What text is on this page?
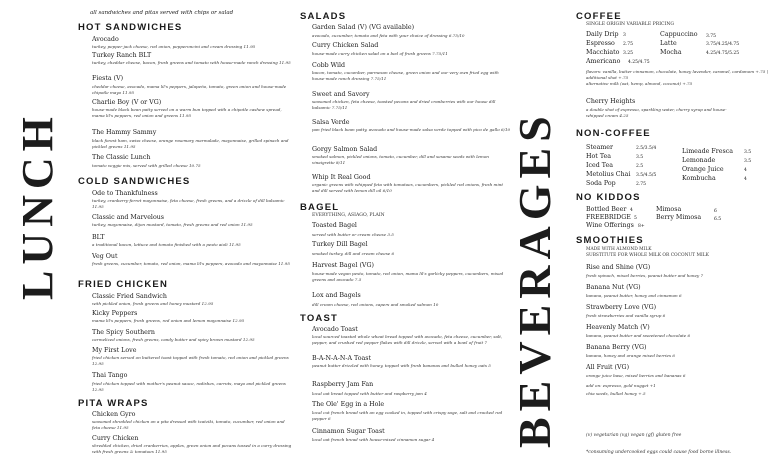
LUNCH	BEVERAGES
all sandwiches and pitas served with chips or salad
HOT SANDWICHES
Avocado
turkey, pepper jack cheese, red onion, pepperoncini and cream dressing 11.95
Turkey Ranch BLT
turkey, cheddar cheese, bacon, fresh greens and tomato with house-made ranch dressing 11.95
Fiesta (V)
cheddar cheese, avocado, mama lil's peppers, jalapeño, tomato, green onion and house-made chipotle mayo 11.95
Charlie Boy (V or VG)
house-made black bean patty served on a warm bun topped with a chipotle cashew spread, mama lil's peppers, red onion and greens 11.95
The Hammy Sammy
black forest ham, swiss cheese, orange rosemary marmalade, mayonnaise, grilled spinach and pickled greens 11.95
The Classic Lunch
tomato veggie mix, served with grilled cheese 10.75
COLD SANDWICHES
Ode to Thankfulness
turkey, cranberry-ferret mayonnaise, feta cheese, fresh greens, and a drizzle of dill balsamic 11.95
Classic and Marvelous
turkey, mayonnaise, dijon mustard, tomato, fresh greens and red onion 11.95
BLT
a traditional bacon, lettuce and tomato finished with a pesto aioli 11.95
Veg Out
fresh greens, cucumber, tomato, red onion, mama lil's peppers, avocado and mayonnaise 11.95
FRIED CHICKEN
Classic Fried Sandwich
with pickled onion, fresh greens and honey mustard 12.95
Kicky Peppers
mama lil's peppers, fresh greens, red onion and lemon mayonnaise 12.95
The Spicy Southern
carmelized onions, fresh greens, candy butter and spicy brown mustard 12.95
My First Love
fried chicken served on buttered toast topped with fresh tomato, red onion and pickled greens 12.95
Thai Tango
fried chicken topped with mother's peanut sauce, radishes, carrots, mayo and pickled greens 12.95
PITA WRAPS
Chicken Gyro
seasoned shredded chicken on a pita dressed with tzatziki, tomato, cucumber, red onion and feta cheese 11.95
Curry Chicken
shredded chicken, dried cranberries, apples, green onion and pecans tossed in a curry dressing with fresh greens & tomatoes 11.95
SALADS
Garden Salad (V) (VG available)
avocado, cucumber, tomato and feta with your choice of dressing 6.75/10
Curry Chicken Salad
house-made curry chicken salad on a bed of fresh greens 7.75/11
Cobb Wild
bacon, tomato, cucumber, parmesan cheese, green onion and our very own fried egg with house-made ranch dressing 7.75/11
Sweet and Savory
seasoned chicken, feta cheese, toasted pecans and dried cranberries with our house dill balsamic 7.75/11
Salsa Verde
pan fried black bean patty, avocado and house-made salsa verde topped with pico de gallo 6/10
Gorgy Salmon Salad
smoked salmon, pickled onions, tomato, cucumber, dill and sesame seeds with lemon vinaigrette 8/11
Whip It Real Good
organic greens with whipped feta with tomatoes, cucumbers, pickled red onions, fresh mint and dill served with lemon dill oil 6/10
BAGEL
EVERYTHING, ASIAGO, PLAIN
Toasted Bagel
served with butter or cream cheese 3.5
Turkey Dill Bagel
smoked turkey, dill and cream cheese 6
Harvest Bagel (VG)
house-made vegan pesto, tomato, red onion, mama lil's garlicky peppers, cucumbers, mixed greens and avocado 7.5
Lox and Bagels
dill cream cheese, red onions, capers and smoked salmon 10
TOAST
Avocado Toast
local sourced toasted whole wheat bread topped with avocado, feta cheese, cucumber, salt, pepper, and crushed red pepper flakes with dill drizzle, served with a bowl of fruit 7
B-A-N-A-N-A Toast
peanut butter drizzled with honey, topped with fresh bananas and bulled honey oats 5
Raspberry Jam Fan
local oat bread topped with butter and raspberry jam 4
The Ole' Egg in a Hole
local cut french bread with an egg cooked in, topped with crispy sage, salt and cracked red pepper 6
Cinnamon Sugar Toast
local oat french bread with house-mixed cinnamon sugar 4
COFFEE
SINGLE ORIGIN VARIABLE PRICING
Daily Drip 3
Espresso 2.75
Macchiato 3.25
Americano 4.25/4.75
Cappuccino 3.75
Latte	3.75/4.25/4.75
Mocha	4.25/4.75/5.25
flavors: vanilla, butter cinnamon, chocolate, honey lavender, caramel, cardamom +.75 | additional shot +.75
alternative milk (oat, hemp, almond, coconut) +.75
Cherry Heights
a double shot of espresso, sparkling water, cherry syrup and house-whipped cream 4.25
NON-COFFEE
Steamer	2.5/3.5/4
Hot Tea	3.5
Iced Tea	2.5
Metolius Chai 3.5/4.5/5
Soda Pop	2.75
Limeade Fresca 3.5
Lemonade	3.5
Orange Juice	4
Kombucha	4
NO KIDDOS
Bottled Beer 4
FREEBRIDGE 5
Wine Offerings 8+
Mimosa	6
Berry Mimosa	6.5
SMOOTHIES
MADE WITH ALMOND MILK
SUBSTITUTE FOR WHOLE MILK OR COCONUT MILK
Rise and Shine (VG)
fresh spinach, mixed berries, peanut butter and honey 7
Banana Nut (VG)
banana, peanut butter, honey and cinnamon 6
Strawberry Love (VG)
fresh strawberries and vanilla syrup 6
Heavenly Match (V)
banana, peanut butter and sweetened chocolate 6
Banana Berry (VG)
banana, honey and orange mixed berries 6
All Fruit (VG)
orange juice base, mixed berries and bananas 6
add on: espresso, gold nugget +1
chia seeds, bulled honey +.5
(v) vegetarian (vg) vegan (gf) gluten free
*consuming undercooked eggs could cause food borne illness.
